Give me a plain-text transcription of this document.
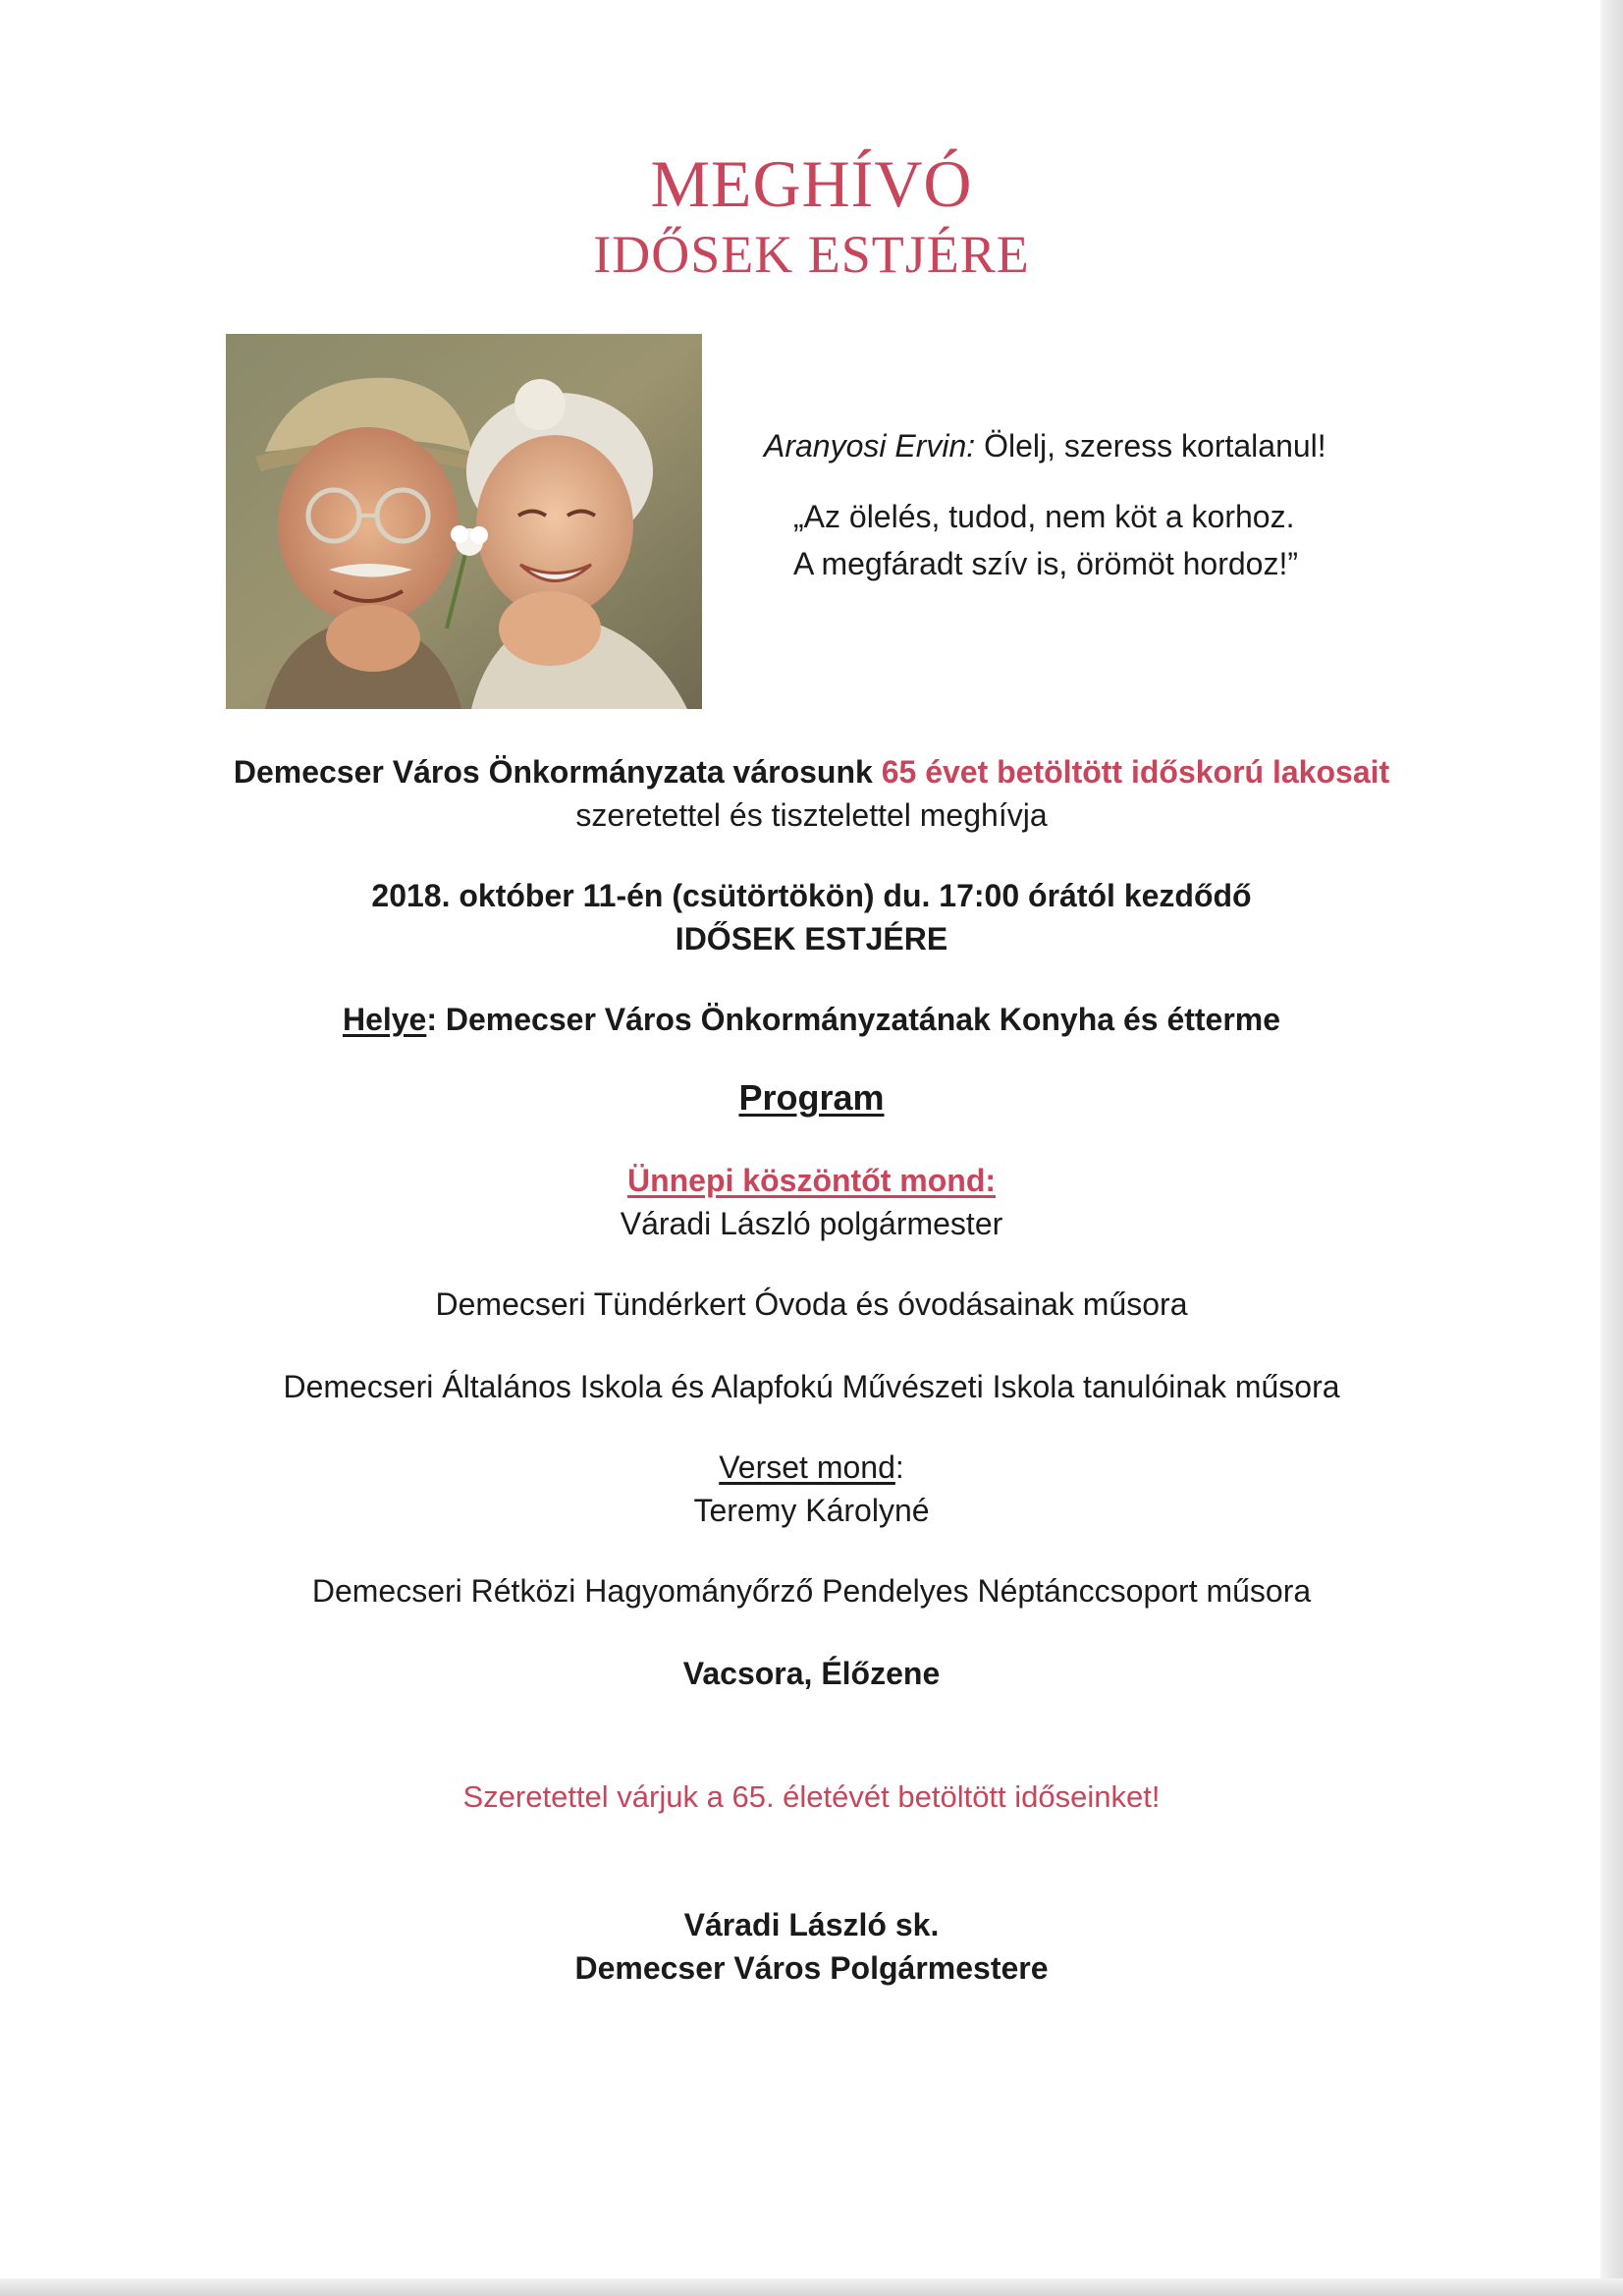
MEGHÍVÓ
IDŐSEK ESTJÉRE

Aranyosi Ervin: Ölelj, szeress kortalanul!

„Az ölelés, tudod, nem köt a korhoz.

A megfáradt szív is, örömöt hordoz!”

Demecser Város Önkormányzata városunk 65 évet betöltött időskorú lakosait szeretettel és tisztelettel meghívja

2018. október 11-én (csütörtökön) du. 17:00 órától kezdődő
IDŐSEK ESTJÉRE

Helye: Demecser Város Önkormányzatának Konyha és étterme

Program

Ünnepi köszöntőt mond:
Váradi László polgármester

Demecseri Tündérkert Óvoda és óvodásainak műsora

Demecseri Általános Iskola és Alapfokú Művészeti Iskola tanulóinak műsora

Verset mond:
Teremy Károlyné

Demecseri Rétközi Hagyományőrző Pendelyes Néptánccsoport műsora

Vacsora, Élőzene

Szeretettel várjuk a 65. életévét betöltött időseinket!

Váradi László sk.
Demecser Város Polgármestere
